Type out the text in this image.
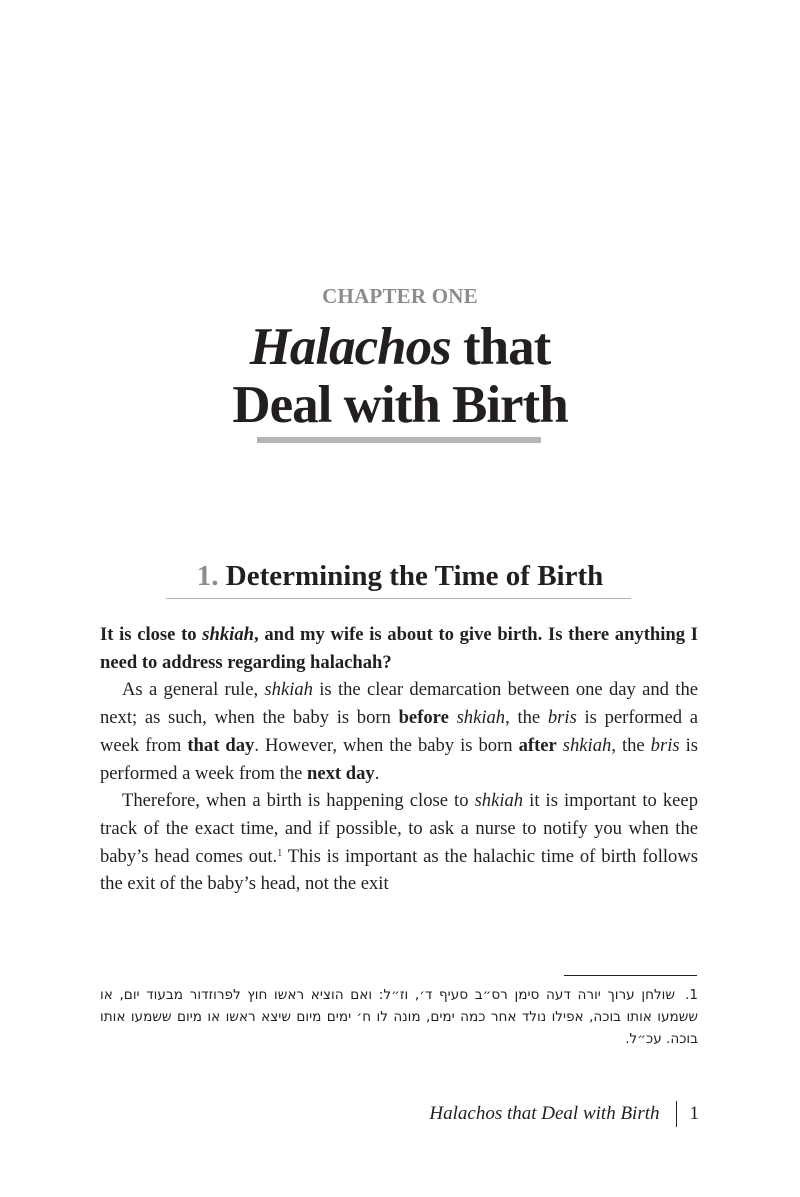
CHAPTER ONE
Halachos that
Deal with Birth
1. Determining the Time of Birth

It is close to shkiah, and my wife is about to give birth. Is there anything I need to address regarding halachah?

As a general rule, shkiah is the clear demarcation between one day and the next; as such, when the baby is born before shkiah, the bris is performed a week from that day. However, when the baby is born after shkiah, the bris is performed a week from the next day.

Therefore, when a birth is happening close to shkiah it is important to keep track of the exact time, and if possible, to ask a nurse to notify you when the baby’s head comes out.$^1$ This is important as the halachic time of birth follows the exit of the baby’s head, not the exit

1.שולחן ערוך יורה דעה סימן רס״ב סעיף ד׳, וז״ל: ואם הוציא ראשו חוץ לפרוזדור מבעוד יום, או ששמעו אותו בוכה, אפילו נולד אחר כמה ימים, מונה לו ח׳ ימים מיום שיצא ראשו או מיום ששמעו אותו בוכה. עכ״ל.
Halachos that Deal with Birth 1
